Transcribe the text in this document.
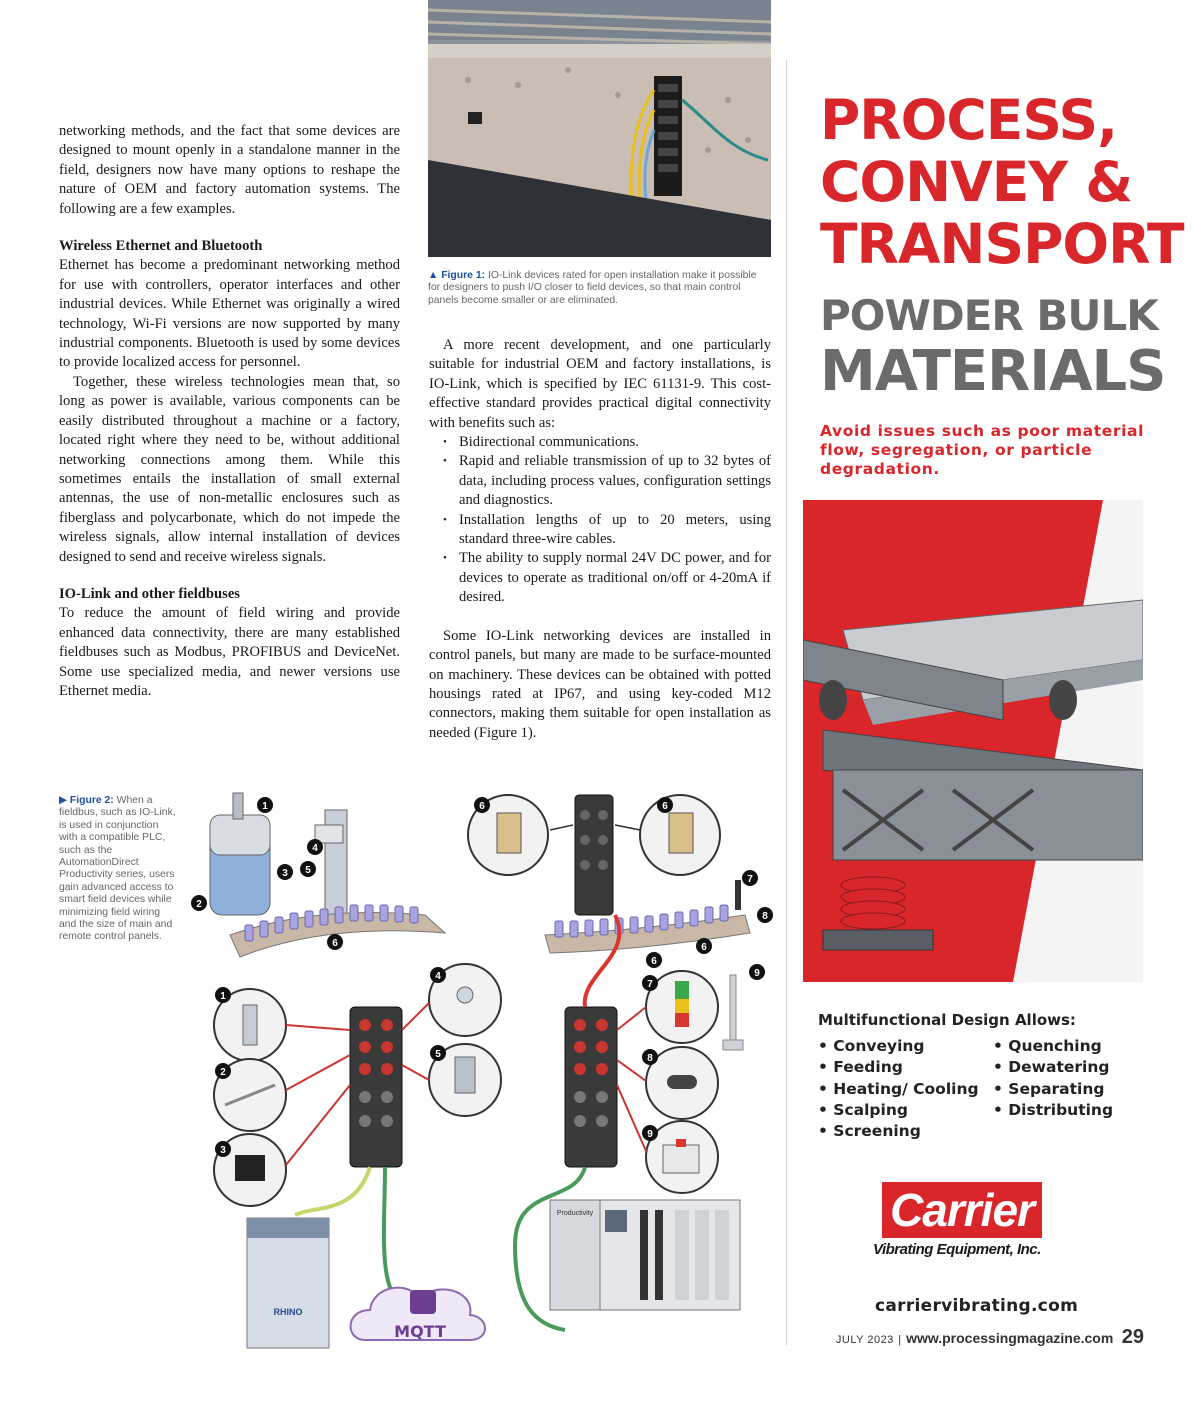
networking methods, and the fact that some devices are designed to mount openly in a standalone manner in the field, designers now have many options to reshape the nature of OEM and factory automation systems. The following are a few examples.

Wireless Ethernet and Bluetooth

Ethernet has become a predominant networking method for use with controllers, operator interfaces and other industrial devices. While Ethernet was originally a wired technology, Wi-Fi versions are now supported by many industrial components. Bluetooth is used by some devices to provide localized access for personnel.

Together, these wireless technologies mean that, so long as power is available, various components can be easily distributed throughout a machine or a factory, located right where they need to be, without additional networking connections among them. While this sometimes entails the installation of small external antennas, the use of non-metallic enclosures such as fiberglass and polycarbonate, which do not impede the wireless signals, allow internal installation of devices designed to send and receive wireless signals.

IO-Link and other fieldbuses

To reduce the amount of field wiring and provide enhanced data connectivity, there are many established fieldbuses such as Modbus, PROFIBUS and DeviceNet. Some use specialized media, and newer versions use Ethernet media.

▲ Figure 1: IO-Link devices rated for open installation make it possible for designers to push I/O closer to field devices, so that main control panels become smaller or are eliminated.

A more recent development, and one particularly suitable for industrial OEM and factory installations, is IO-Link, which is specified by IEC 61131-9. This cost-effective standard provides practical digital connectivity with benefits such as:

• Bidirectional communications.
• Rapid and reliable transmission of up to 32 bytes of data, including process values, configuration settings and diagnostics.
• Installation lengths of up to 20 meters, using standard three-wire cables.
• The ability to supply normal 24V DC power, and for devices to operate as traditional on/off or 4-20mA if desired.

Some IO-Link networking devices are installed in control panels, but many are made to be surface-mounted on machinery. These devices can be obtained with potted housings rated at IP67, and using key-coded M12 connectors, making them suitable for open installation as needed (Figure 1).

▶ Figure 2: When a fieldbus, such as IO-Link, is used in conjunction with a compatible PLC, such as the AutomationDirect Productivity series, users gain advanced access to smart field devices while minimizing field wiring and the size of main and remote control panels.
RHINO
MQTT
Productivity
1
2
3
4
5
6
6	6
6
6
7
8
9
1
2
3
4
5
7
8
9
PROCESS,
CONVEY &
TRANSPORT
POWDER BULK
MATERIALS
Avoid issues such as poor material flow, segregation, or particle degradation.
Multifunctional Design Allows:
• Conveying
• Feeding
• Heating/ Cooling
• Scalping
• Screening
• Quenching
• Dewatering
• Separating
• Distributing
Carrier
Vibrating Equipment, Inc.
carriervibrating.com
JULY 2023 | www.processingmagazine.com 29
